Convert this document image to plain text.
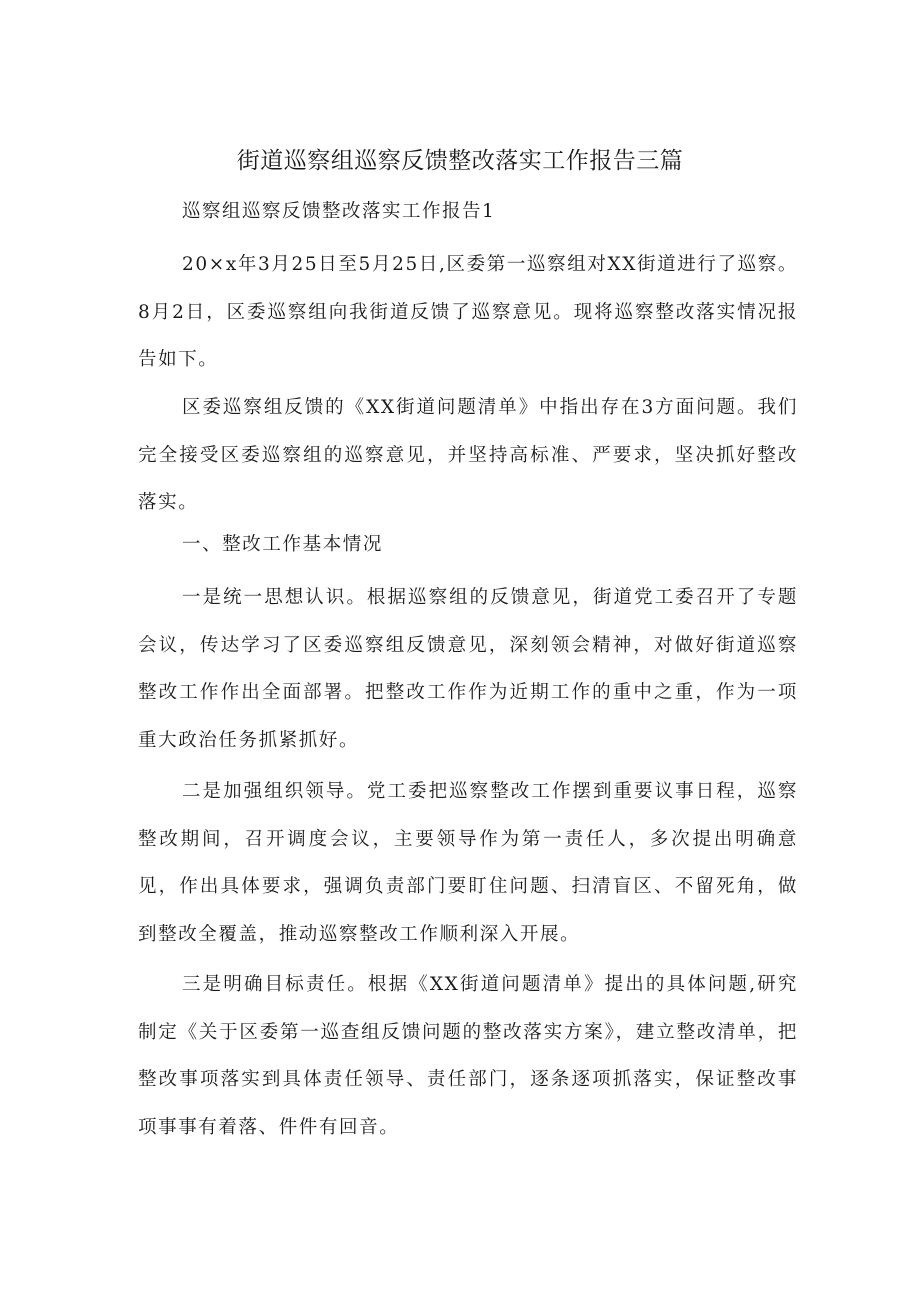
街道巡察组巡察反馈整改落实工作报告三篇

巡察组巡察反馈整改落实工作报告1

20×x年3月25日至5月25日,区委第一巡察组对XX街道进行了巡察。8月2日，区委巡察组向我街道反馈了巡察意见。现将巡察整改落实情况报告如下。

区委巡察组反馈的《XX街道问题清单》中指出存在3方面问题。我们完全接受区委巡察组的巡察意见，并坚持高标准、严要求，坚决抓好整改落实。

一、整改工作基本情况

一是统一思想认识。根据巡察组的反馈意见，街道党工委召开了专题会议，传达学习了区委巡察组反馈意见，深刻领会精神，对做好街道巡察整改工作作出全面部署。把整改工作作为近期工作的重中之重，作为一项重大政治任务抓紧抓好。

二是加强组织领导。党工委把巡察整改工作摆到重要议事日程，巡察整改期间，召开调度会议，主要领导作为第一责任人，多次提出明确意见，作出具体要求，强调负责部门要盯住问题、扫清盲区、不留死角，做到整改全覆盖，推动巡察整改工作顺利深入开展。

三是明确目标责任。根据《XX街道问题清单》提出的具体问题,研究制定《关于区委第一巡查组反馈问题的整改落实方案》，建立整改清单，把整改事项落实到具体责任领导、责任部门，逐条逐项抓落实，保证整改事项事事有着落、件件有回音。
